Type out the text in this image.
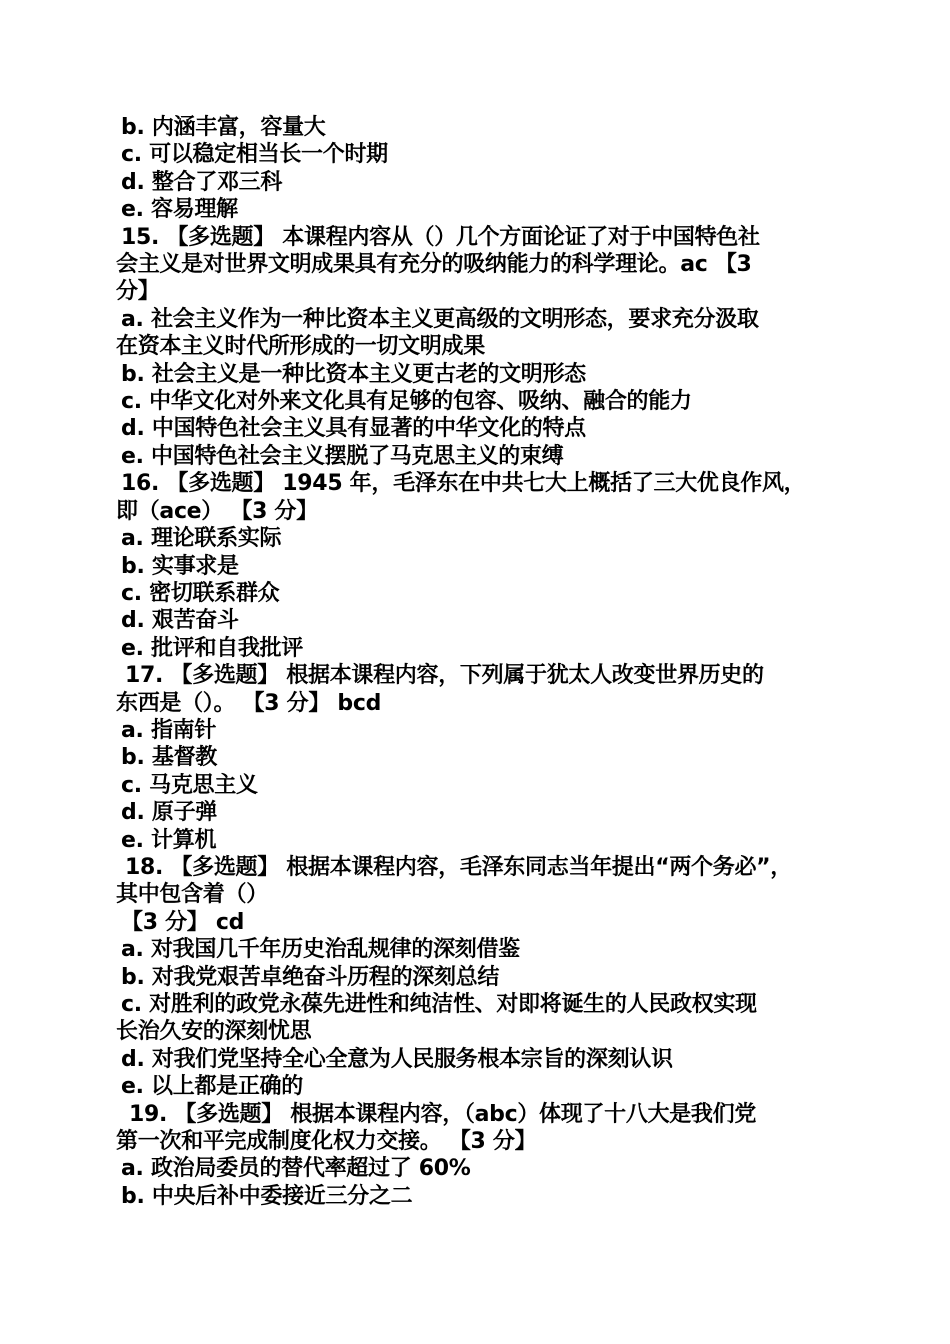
b. 内涵丰富，容量大
c. 可以稳定相当长一个时期
d. 整合了邓三科
e. 容易理解
15. 【多选题】 本课程内容从（）几个方面论证了对于中国特色社
会主义是对世界文明成果具有充分的吸纳能力的科学理论。ac 【3
分】
a. 社会主义作为一种比资本主义更高级的文明形态，要求充分汲取
在资本主义时代所形成的一切文明成果
b. 社会主义是一种比资本主义更古老的文明形态
c. 中华文化对外来文化具有足够的包容、吸纳、融合的能力
d. 中国特色社会主义具有显著的中华文化的特点
e. 中国特色社会主义摆脱了马克思主义的束缚
16. 【多选题】 1945 年，毛泽东在中共七大上概括了三大优良作风，
即（ace） 【3 分】
a. 理论联系实际
b. 实事求是
c. 密切联系群众
d. 艰苦奋斗
e. 批评和自我批评
17. 【多选题】 根据本课程内容，下列属于犹太人改变世界历史的
东西是（）。 【3 分】 bcd
a. 指南针
b. 基督教
c. 马克思主义
d. 原子弹
e. 计算机
18. 【多选题】 根据本课程内容，毛泽东同志当年提出“两个务必”，
其中包含着（）
【3 分】 cd
a. 对我国几千年历史治乱规律的深刻借鉴
b. 对我党艰苦卓绝奋斗历程的深刻总结
c. 对胜利的政党永葆先进性和纯洁性、对即将诞生的人民政权实现
长治久安的深刻忧思
d. 对我们党坚持全心全意为人民服务根本宗旨的深刻认识
e. 以上都是正确的
19. 【多选题】 根据本课程内容，（abc）体现了十八大是我们党
第一次和平完成制度化权力交接。 【3 分】
a. 政治局委员的替代率超过了 60%
b. 中央后补中委接近三分之二
